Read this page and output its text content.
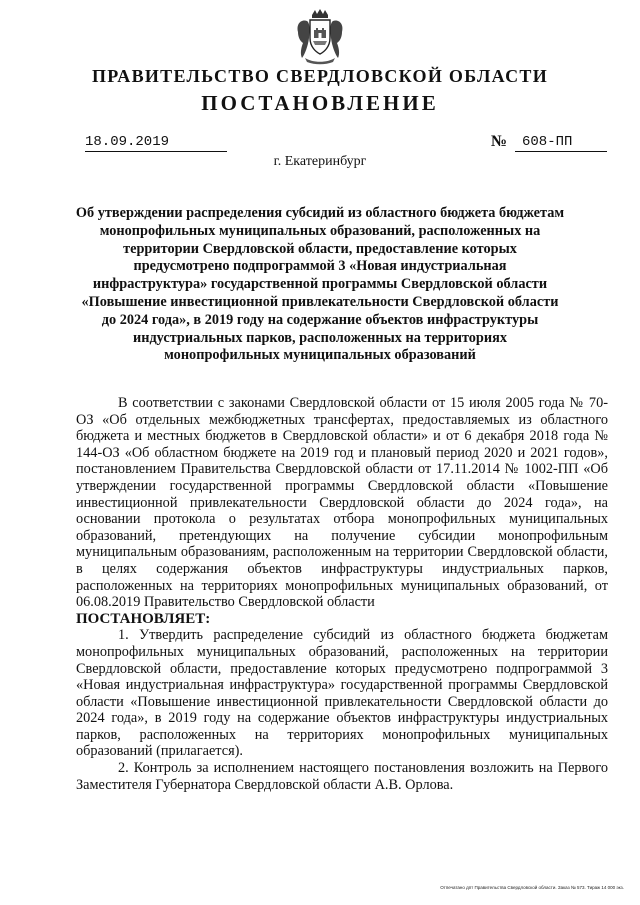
ПРАВИТЕЛЬСТВО СВЕРДЛОВСКОЙ ОБЛАСТИ
ПОСТАНОВЛЕНИЕ
18.09.2019	№	608-ПП
г. Екатеринбург

Об утверждении распределения субсидий из областного бюджета бюджетам монопрофильных муниципальных образований, расположенных на территории Свердловской области, предоставление которых предусмотрено подпрограммой 3 «Новая индустриальная инфраструктура» государственной программы Свердловской области «Повышение инвестиционной привлекательности Свердловской области до 2024 года», в 2019 году на содержание объектов инфраструктуры индустриальных парков, расположенных на территориях монопрофильных муниципальных образований

В соответствии с законами Свердловской области от 15 июля 2005 года № 70-ОЗ «Об отдельных межбюджетных трансфертах, предоставляемых из областного бюджета и местных бюджетов в Свердловской области» и от 6 декабря 2018 года № 144-ОЗ «Об областном бюджете на 2019 год и плановый период 2020 и 2021 годов», постановлением Правительства Свердловской области от 17.11.2014 № 1002-ПП «Об утверждении государственной программы Свердловской области «Повышение инвестиционной привлекательности Свердловской области до 2024 года», на основании протокола о результатах отбора монопрофильных муниципальных образований, претендующих на получение субсидии монопрофильным муниципальным образованиям, расположенным на территории Свердловской области, в целях содержания объектов инфраструктуры индустриальных парков, расположенных на территориях монопрофильных муниципальных образований, от 06.08.2019 Правительство Свердловской области

ПОСТАНОВЛЯЕТ:

1. Утвердить распределение субсидий из областного бюджета бюджетам монопрофильных муниципальных образований, расположенных на территории Свердловской области, предоставление которых предусмотрено подпрограммой 3 «Новая индустриальная инфраструктура» государственной программы Свердловской области «Повышение инвестиционной привлекательности Свердловской области до 2024 года», в 2019 году на содержание объектов инфраструктуры индустриальных парков, расположенных на территориях монопрофильных муниципальных образований (прилагается).

2. Контроль за исполнением настоящего постановления возложить на Первого Заместителя Губернатора Свердловской области А.В. Орлова.

Отпечатано дпт Правительства Свердловской области. Заказ № 573. Тираж 14 000 экз.
